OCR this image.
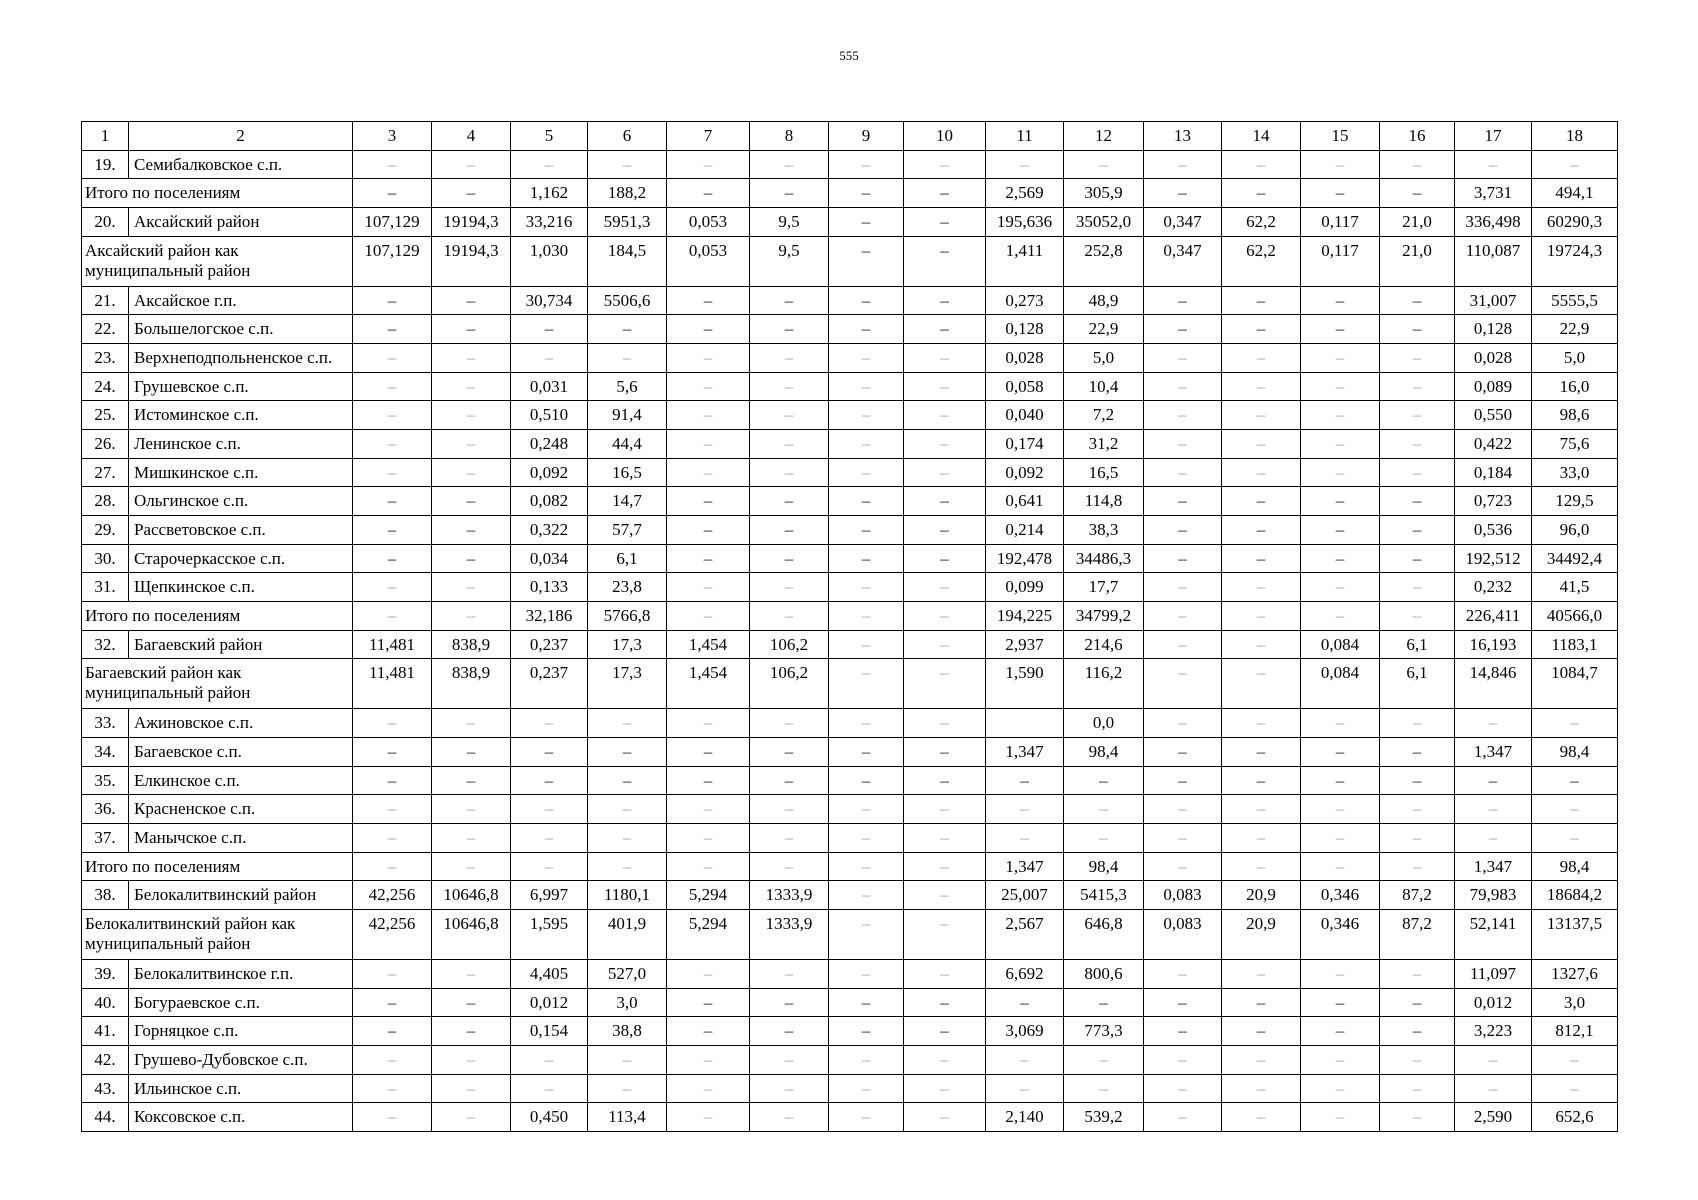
555
1	2	3	4	5	6	7	8	9	10	11	12	13	14	15	16	17	18
19.	Семибалковское с.п.	–	–	–	–	–	–	–	–	–	–	–	–	–	–	–	–
Итого по поселениям		–	–	1,162	188,2	–	–	–	–	2,569	305,9	–	–	–	–	3,731	494,1
20.	Аксайский район	107,129	19194,3	33,216	5951,3	0,053	9,5	–	–	195,636	35052,0	0,347	62,2	0,117	21,0	336,498	60290,3
Аксайский район как
муниципальный район		107,129	19194,3	1,030	184,5	0,053	9,5	–	–	1,411	252,8	0,347	62,2	0,117	21,0	110,087	19724,3
21.	Аксайское г.п.	–	–	30,734	5506,6	–	–	–	–	0,273	48,9	–	–	–	–	31,007	5555,5
22.	Большелогское с.п.	–	–	–	–	–	–	–	–	0,128	22,9	–	–	–	–	0,128	22,9
23.	Верхнеподпольненское с.п.	–	–	–	–	–	–	–	–	0,028	5,0	–	–	–	–	0,028	5,0
24.	Грушевское с.п.	–	–	0,031	5,6	–	–	–	–	0,058	10,4	–	–	–	–	0,089	16,0
25.	Истоминское с.п.	–	–	0,510	91,4	–	–	–	–	0,040	7,2	–	–	–	–	0,550	98,6
26.	Ленинское с.п.	–	–	0,248	44,4	–	–	–	–	0,174	31,2	–	–	–	–	0,422	75,6
27.	Мишкинское с.п.	–	–	0,092	16,5	–	–	–	–	0,092	16,5	–	–	–	–	0,184	33,0
28.	Ольгинское с.п.	–	–	0,082	14,7	–	–	–	–	0,641	114,8	–	–	–	–	0,723	129,5
29.	Рассветовское с.п.	–	–	0,322	57,7	–	–	–	–	0,214	38,3	–	–	–	–	0,536	96,0
30.	Старочеркасское с.п.	–	–	0,034	6,1	–	–	–	–	192,478	34486,3	–	–	–	–	192,512	34492,4
31.	Щепкинское с.п.	–	–	0,133	23,8	–	–	–	–	0,099	17,7	–	–	–	–	0,232	41,5
Итого по поселениям		–	–	32,186	5766,8	–	–	–	–	194,225	34799,2	–	–	–	–	226,411	40566,0
32.	Багаевский район	11,481	838,9	0,237	17,3	1,454	106,2	–	–	2,937	214,6	–	–	0,084	6,1	16,193	1183,1
Багаевский район как
муниципальный район		11,481	838,9	0,237	17,3	1,454	106,2	–	–	1,590	116,2	–	–	0,084	6,1	14,846	1084,7
33.	Ажиновское с.п.	–	–	–	–	–	–	–	–		0,0	–	–	–	–	–	–
34.	Багаевское с.п.	–	–	–	–	–	–	–	–	1,347	98,4	–	–	–	–	1,347	98,4
35.	Елкинское с.п.	–	–	–	–	–	–	–	–	–	–	–	–	–	–	–	–
36.	Красненское с.п.	–	–	–	–	–	–	–	–	–	–	–	–	–	–	–	–
37.	Манычское с.п.	–	–	–	–	–	–	–	–	–	–	–	–	–	–	–	–
Итого по поселениям		–	–	–	–	–	–	–	–	1,347	98,4	–	–	–	–	1,347	98,4
38.	Белокалитвинский район	42,256	10646,8	6,997	1180,1	5,294	1333,9	–	–	25,007	5415,3	0,083	20,9	0,346	87,2	79,983	18684,2
Белокалитвинский район как
муниципальный район		42,256	10646,8	1,595	401,9	5,294	1333,9	–	–	2,567	646,8	0,083	20,9	0,346	87,2	52,141	13137,5
39.	Белокалитвинское г.п.	–	–	4,405	527,0	–	–	–	–	6,692	800,6	–	–	–	–	11,097	1327,6
40.	Богураевское с.п.	–	–	0,012	3,0	–	–	–	–	–	–	–	–	–	–	0,012	3,0
41.	Горняцкое с.п.	–	–	0,154	38,8	–	–	–	–	3,069	773,3	–	–	–	–	3,223	812,1
42.	Грушево-Дубовское с.п.	–	–	–	–	–	–	–	–	–	–	–	–	–	–	–	–
43.	Ильинское с.п.	–	–	–	–	–	–	–	–	–	–	–	–	–	–	–	–
44.	Коксовское с.п.	–	–	0,450	113,4	–	–	–	–	2,140	539,2	–	–	–	–	2,590	652,6
